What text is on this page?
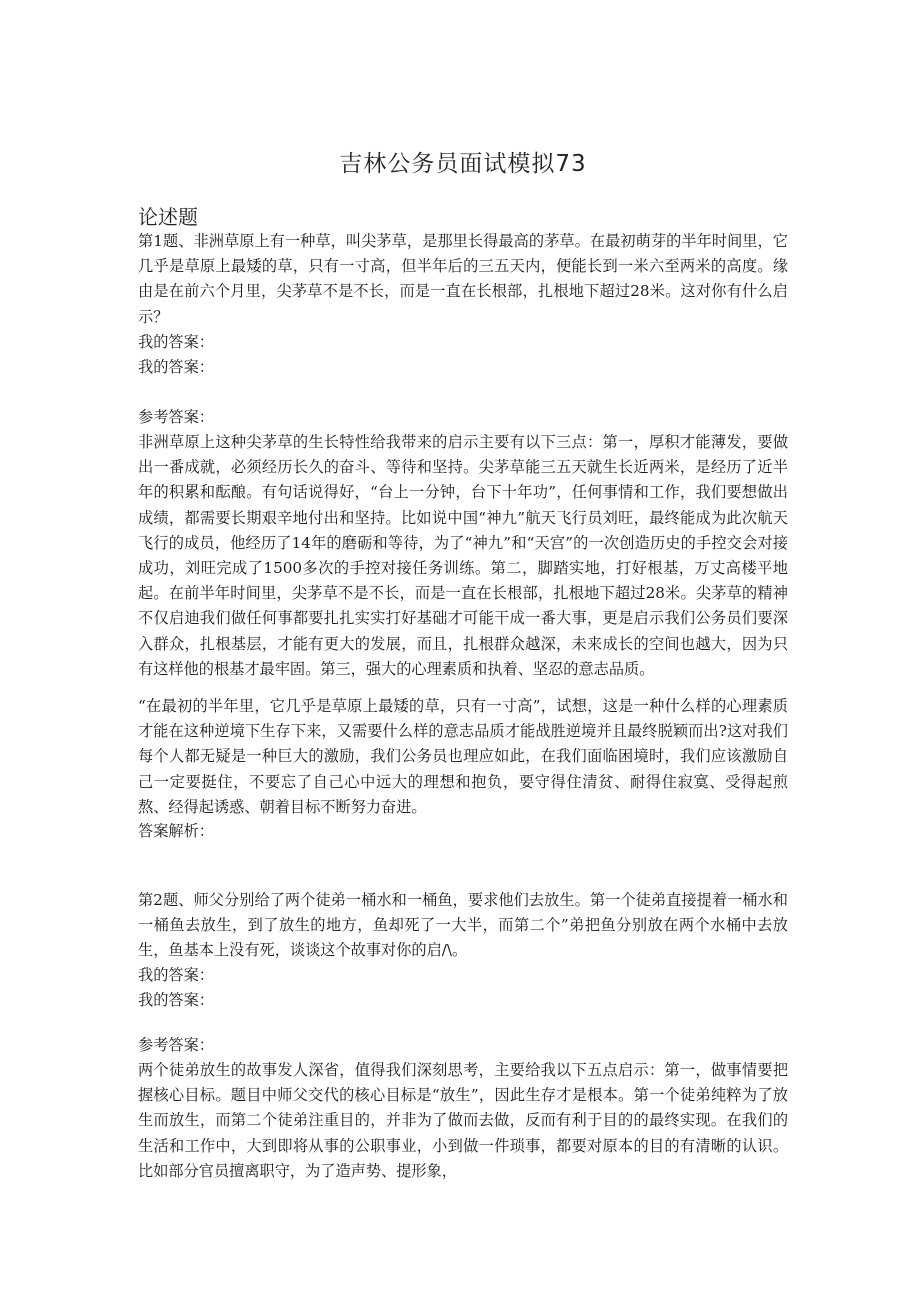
吉林公务员面试模拟73
论述题

第1题、非洲草原上有一种草，叫尖茅草，是那里长得最高的茅草。在最初萌芽的半年时间里，它几乎是草原上最矮的草，只有一寸高，但半年后的三五天内，便能长到一米六至两米的高度。缘由是在前六个月里，尖茅草不是不长，而是一直在长根部，扎根地下超过28米。这对你有什么启示？

我的答案：

我的答案：

参考答案：

非洲草原上这种尖茅草的生长特性给我带来的启示主要有以下三点：第一，厚积才能薄发，要做出一番成就，必须经历长久的奋斗、等待和坚持。尖茅草能三五天就生长近两米，是经历了近半年的积累和酝酿。有句话说得好，“台上一分钟，台下十年功”，任何事情和工作，我们要想做出成绩，都需要长期艰辛地付出和坚持。比如说中国“神九”航天飞行员刘旺，最终能成为此次航天飞行的成员，他经历了14年的磨砺和等待，为了“神九”和“天宫”的一次创造历史的手控交会对接成功，刘旺完成了1500多次的手控对接任务训练。第二，脚踏实地，打好根基，万丈高楼平地起。在前半年时间里，尖茅草不是不长，而是一直在长根部，扎根地下超过28米。尖茅草的精神不仅启迪我们做任何事都要扎扎实实打好基础才可能干成一番大事，更是启示我们公务员们要深入群众，扎根基层，才能有更大的发展，而且，扎根群众越深，未来成长的空间也越大，因为只有这样他的根基才最牢固。第三，强大的心理素质和执着、坚忍的意志品质。

“在最初的半年里，它几乎是草原上最矮的草，只有一寸高”，试想，这是一种什么样的心理素质才能在这种逆境下生存下来，又需要什么样的意志品质才能战胜逆境并且最终脱颖而出?这对我们每个人都无疑是一种巨大的激励，我们公务员也理应如此，在我们面临困境时，我们应该激励自己一定要挺住，不要忘了自己心中远大的理想和抱负，要守得住清贫、耐得住寂寞、受得起煎熬、经得起诱惑、朝着目标不断努力奋进。

答案解析：

第2题、师父分别给了两个徒弟一桶水和一桶鱼，要求他们去放生。第一个徒弟直接提着一桶水和一桶鱼去放生，到了放生的地方，鱼却死了一大半，而第二个”弟把鱼分别放在两个水桶中去放生，鱼基本上没有死，谈谈这个故事对你的启/\。

我的答案：

我的答案：

参考答案：

两个徒弟放生的故事发人深省，值得我们深刻思考，主要给我以下五点启示：第一，做事情要把握核心目标。题目中师父交代的核心目标是“放生”，因此生存才是根本。第一个徒弟纯粹为了放生而放生，而第二个徒弟注重目的，并非为了做而去做，反而有利于目的的最终实现。在我们的生活和工作中，大到即将从事的公职事业，小到做一件琐事，都要对原本的目的有清晰的认识。比如部分官员擅离职守，为了造声势、提形象，
